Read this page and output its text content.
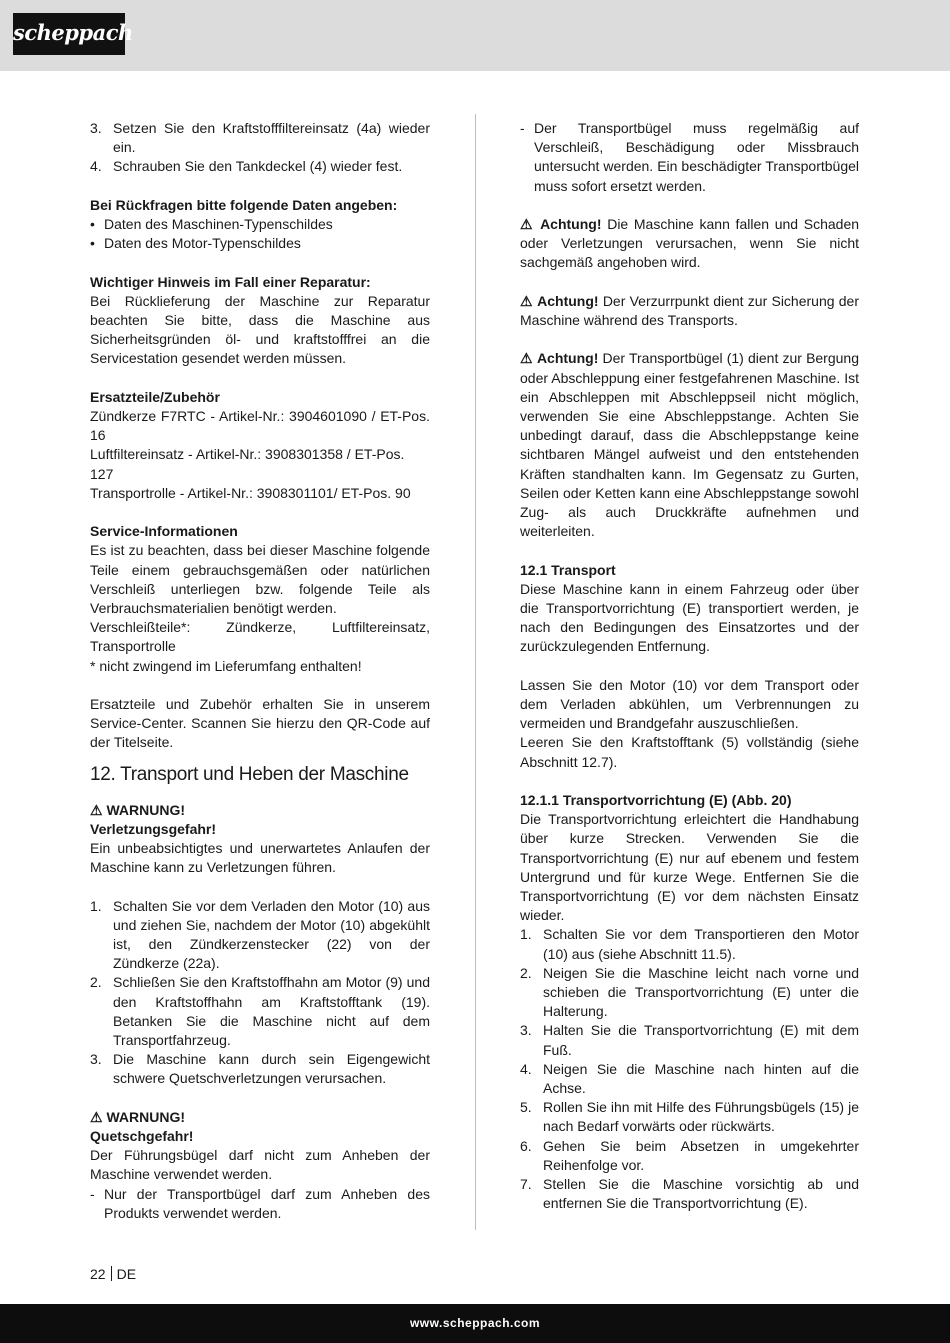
scheppach
3. Setzen Sie den Kraftstofffiltereinsatz (4a) wieder ein.
4. Schrauben Sie den Tankdeckel (4) wieder fest.

Bei Rückfragen bitte folgende Daten angeben:

• Daten des Maschinen-Typenschildes
• Daten des Motor-Typenschildes

Wichtiger Hinweis im Fall einer Reparatur:

Bei Rücklieferung der Maschine zur Reparatur beachten Sie bitte, dass die Maschine aus Sicherheitsgründen öl- und kraftstofffrei an die Servicestation gesendet werden müssen.

Ersatzteile/Zubehör

Zündkerze F7RTC - Artikel-Nr.: 3904601090 / ET-Pos. 16

Luftfiltereinsatz - Artikel-Nr.: 3908301358 / ET-Pos. 127

Transportrolle - Artikel-Nr.: 3908301101/ ET-Pos. 90

Service-Informationen

Es ist zu beachten, dass bei dieser Maschine folgende Teile einem gebrauchsgemäßen oder natürlichen Verschleiß unterliegen bzw. folgende Teile als Verbrauchsmaterialien benötigt werden.

Verschleißteile*: Zündkerze, Luftfiltereinsatz, Transportrolle

* nicht zwingend im Lieferumfang enthalten!

Ersatzteile und Zubehör erhalten Sie in unserem Service-Center. Scannen Sie hierzu den QR-Code auf der Titelseite.

12. Transport und Heben der Maschine

⚠ WARNUNG!

Verletzungsgefahr!

Ein unbeabsichtigtes und unerwartetes Anlaufen der Maschine kann zu Verletzungen führen.

1. Schalten Sie vor dem Verladen den Motor (10) aus und ziehen Sie, nachdem der Motor (10) abgekühlt ist, den Zündkerzenstecker (22) von der Zündkerze (22a).
2. Schließen Sie den Kraftstoffhahn am Motor (9) und den Kraftstoffhahn am Kraftstofftank (19). Betanken Sie die Maschine nicht auf dem Transportfahrzeug.
3. Die Maschine kann durch sein Eigengewicht schwere Quetschverletzungen verursachen.

⚠ WARNUNG!

Quetschgefahr!

Der Führungsbügel darf nicht zum Anheben der Maschine verwendet werden.

- Nur der Transportbügel darf zum Anheben des Produkts verwendet werden.
- Der Transportbügel muss regelmäßig auf Verschleiß, Beschädigung oder Missbrauch untersucht werden. Ein beschädigter Transportbügel muss sofort ersetzt werden.

⚠ Achtung! Die Maschine kann fallen und Schaden oder Verletzungen verursachen, wenn Sie nicht sachgemäß angehoben wird.

⚠ Achtung! Der Verzurrpunkt dient zur Sicherung der Maschine während des Transports.

⚠ Achtung! Der Transportbügel (1) dient zur Bergung oder Abschleppung einer festgefahrenen Maschine. Ist ein Abschleppen mit Abschleppseil nicht möglich, verwenden Sie eine Abschleppstange. Achten Sie unbedingt darauf, dass die Abschleppstange keine sichtbaren Mängel aufweist und den entstehenden Kräften standhalten kann. Im Gegensatz zu Gurten, Seilen oder Ketten kann eine Abschleppstange sowohl Zug- als auch Druckkräfte aufnehmen und weiterleiten.

12.1 Transport

Diese Maschine kann in einem Fahrzeug oder über die Transportvorrichtung (E) transportiert werden, je nach den Bedingungen des Einsatzortes und der zurückzulegenden Entfernung.

Lassen Sie den Motor (10) vor dem Transport oder dem Verladen abkühlen, um Verbrennungen zu vermeiden und Brandgefahr auszuschließen.

Leeren Sie den Kraftstofftank (5) vollständig (siehe Abschnitt 12.7).

12.1.1 Transportvorrichtung (E) (Abb. 20)

Die Transportvorrichtung erleichtert die Handhabung über kurze Strecken. Verwenden Sie die Transportvorrichtung (E) nur auf ebenem und festem Untergrund und für kurze Wege. Entfernen Sie die Transportvorrichtung (E) vor dem nächsten Einsatz wieder.

1. Schalten Sie vor dem Transportieren den Motor (10) aus (siehe Abschnitt 11.5).
2. Neigen Sie die Maschine leicht nach vorne und schieben die Transportvorrichtung (E) unter die Halterung.
3. Halten Sie die Transportvorrichtung (E) mit dem Fuß.
4. Neigen Sie die Maschine nach hinten auf die Achse.
5. Rollen Sie ihn mit Hilfe des Führungsbügels (15) je nach Bedarf vorwärts oder rückwärts.
6. Gehen Sie beim Absetzen in umgekehrter Reihenfolge vor.
7. Stellen Sie die Maschine vorsichtig ab und entfernen Sie die Transportvorrichtung (E).
22 DE
www.scheppach.com
